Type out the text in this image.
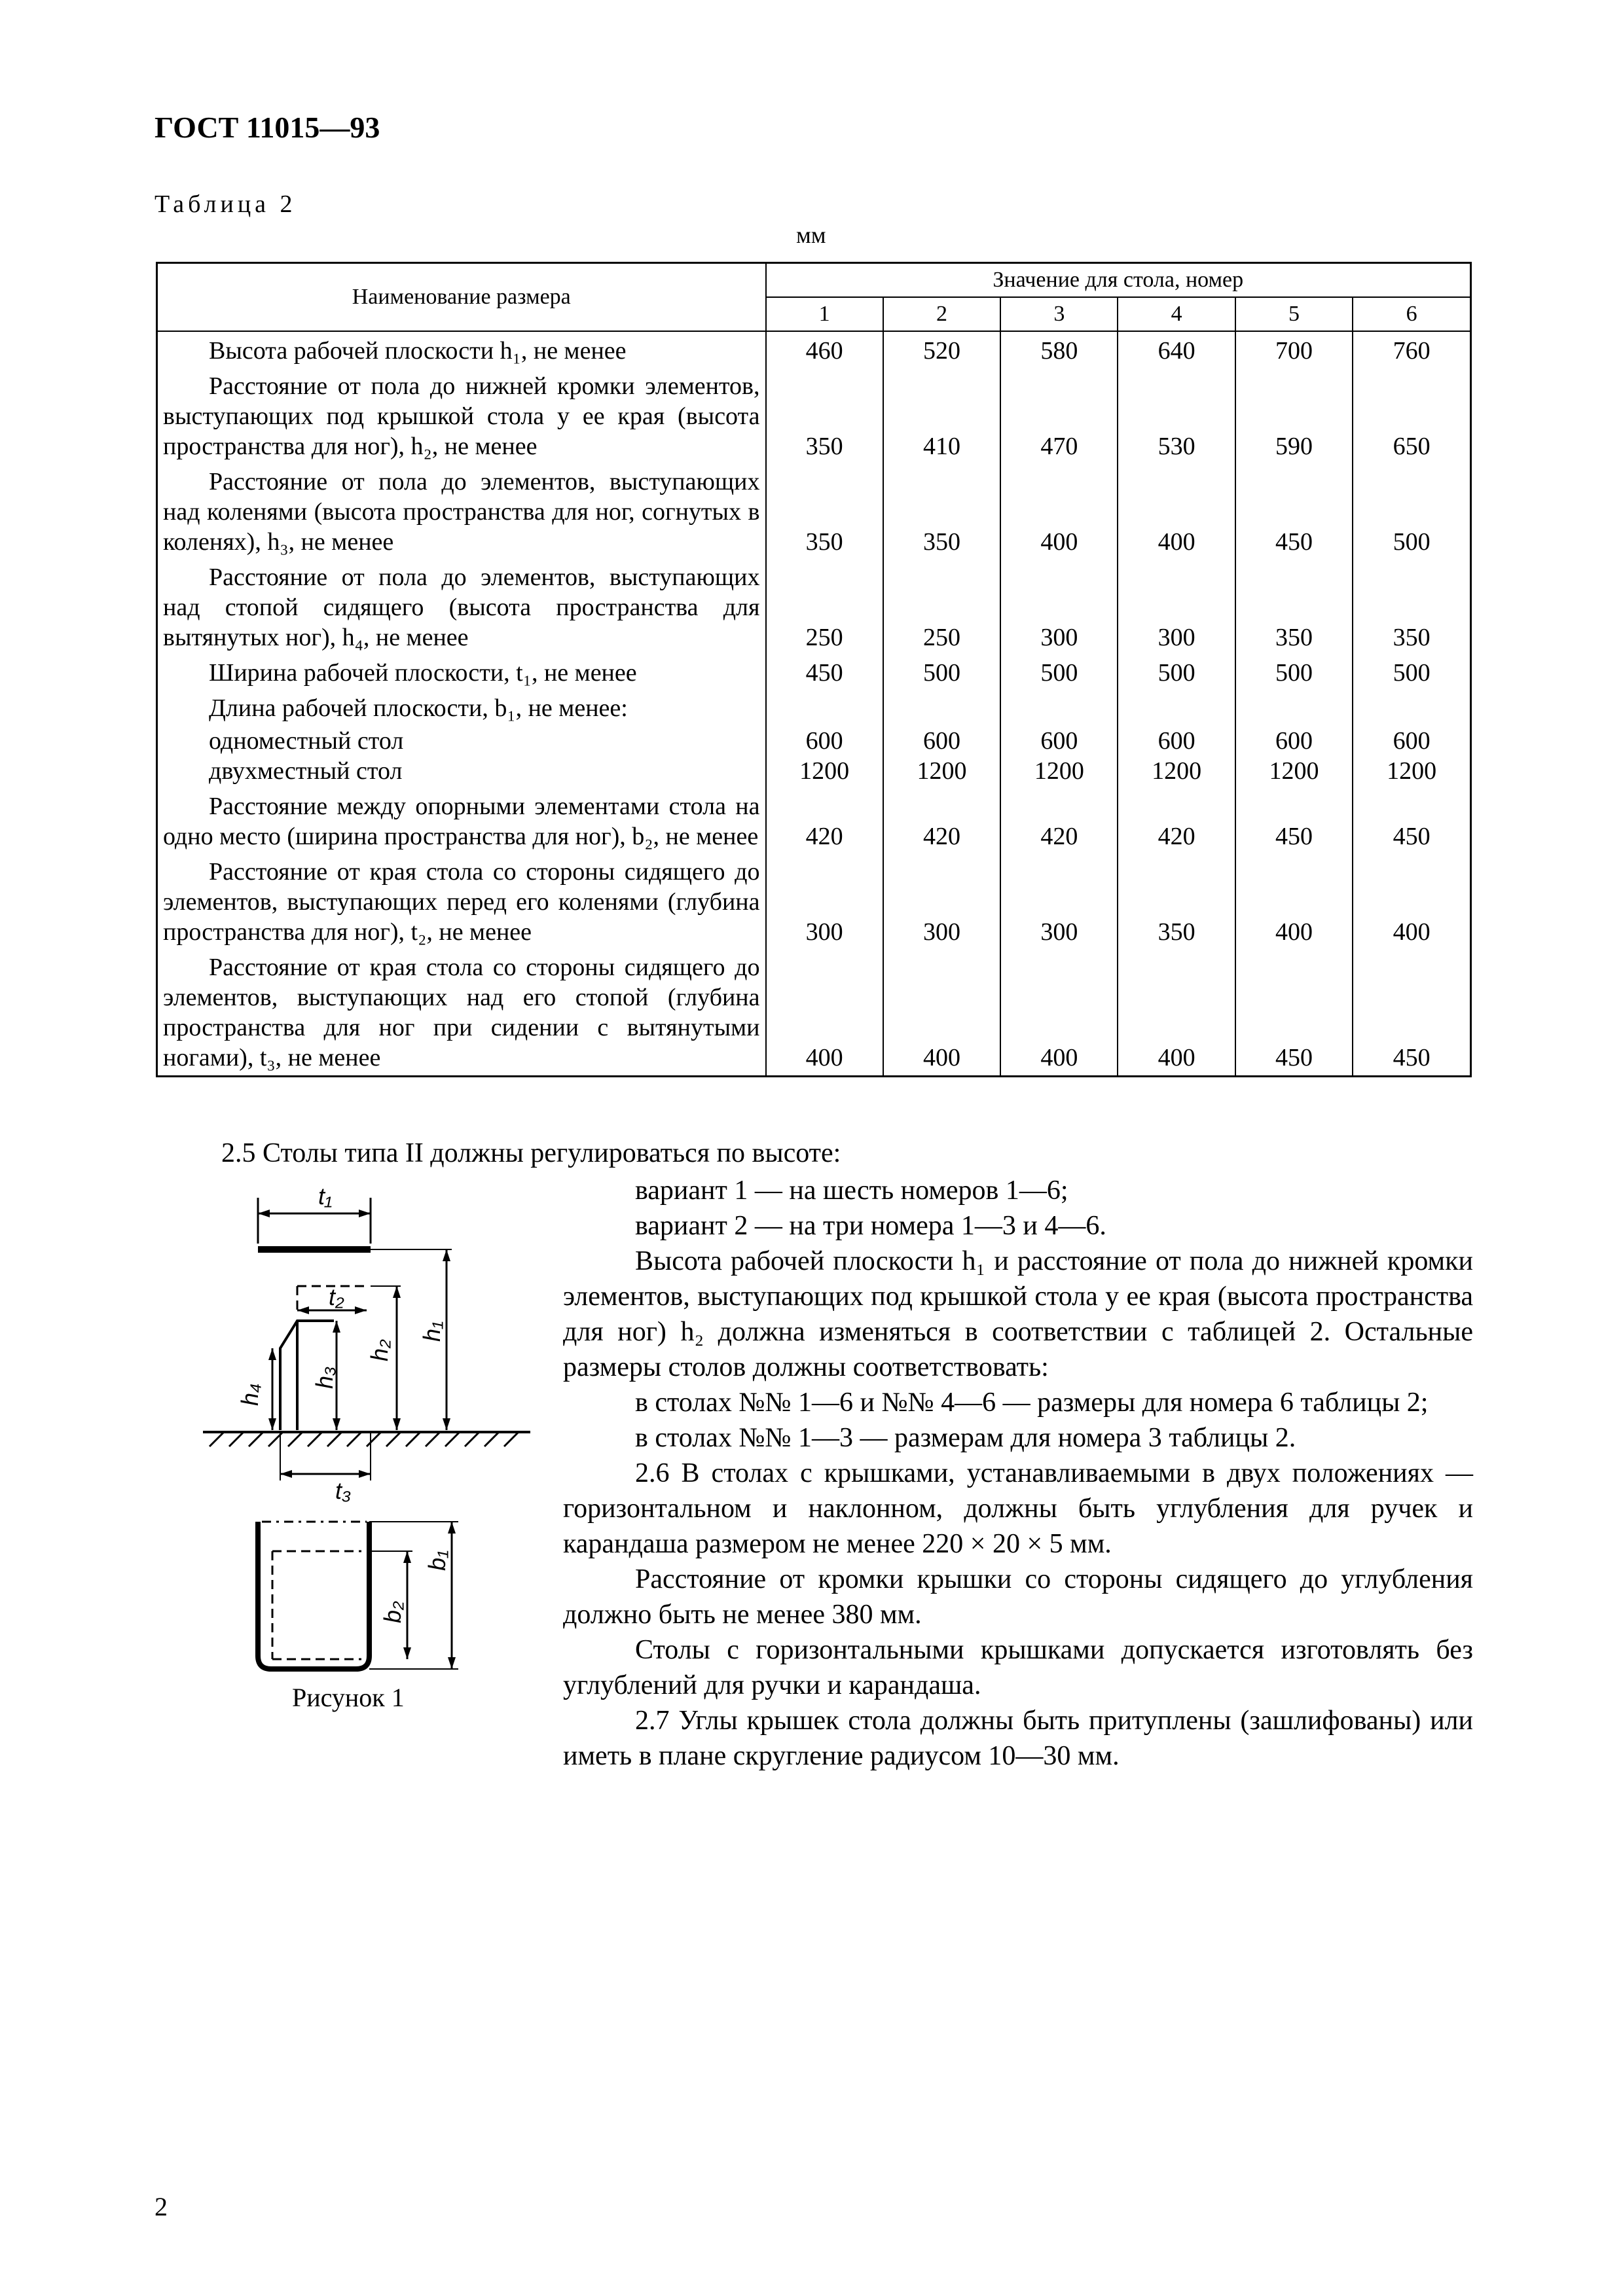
ГОСТ 11015—93
Таблица 2
мм
Наименование размера	Значение для стола, номер					
	1	2	3	4	5	6
Высота рабочей плоскости h₁, не менее	460	520	580	640	700	760
Расстояние от пола до нижней кромки элементов, выступающих под крышкой стола у ее края (высота пространства для ног), h₂, не менее	350	410	470	530	590	650
Расстояние от пола до элементов, выступающих над коленями (высота пространства для ног, согнутых в коленях), h₃, не менее	350	350	400	400	450	500
Расстояние от пола до элементов, выступающих над стопой сидящего (высота пространства для вытянутых ног), h₄, не менее	250	250	300	300	350	350
Ширина рабочей плоскости, t₁, не менее	450	500	500	500	500	500
Длина рабочей плоскости, b₁, не менее:						
одноместный стол	600	600	600	600	600	600
двухместный стол	1200	1200	1200	1200	1200	1200
Расстояние между опорными элементами стола на одно место (ширина пространства для ног), b₂, не менее	420	420	420	420	450	450
Расстояние от края стола со стороны сидящего до элементов, выступающих перед его коленями (глубина пространства для ног), t₂, не менее	300	300	300	350	400	400
Расстояние от края стола со стороны сидящего до элементов, выступающих над его стопой (глубина пространства для ног при сидении с вытянутыми ногами), t₃, не менее	400	400	400	400	450	450
2.5 Столы типа II должны регулироваться по высоте:
t₁
t₂
h₄
h₃
h₂
h₁
t₃
b₂
b₁
Рисунок 1

вариант 1 — на шесть номеров 1—6;

вариант 2 — на три номера 1—3 и 4—6.

Высота рабочей плоскости h₁ и расстояние от пола до нижней кромки элементов, выступающих под крышкой стола у ее края (высота пространства для ног) h₂ должна изменяться в соответствии с таблицей 2. Остальные размеры столов должны соответствовать:

в столах №№ 1—6 и №№ 4—6 — размеры для номера 6 таблицы 2;

в столах №№ 1—3 — размерам для номера 3 таблицы 2.

2.6 В столах с крышками, устанавливаемыми в двух положениях — горизонтальном и наклонном, должны быть углубления для ручек и карандаша размером не менее 220 × 20 × 5 мм.

Расстояние от кромки крышки со стороны сидящего до углубления должно быть не менее 380 мм.

Столы с горизонтальными крышками допускается изготовлять без углублений для ручки и карандаша.

2.7 Углы крышек стола должны быть притуплены (зашлифованы) или иметь в плане скругление радиусом 10—30 мм.

2
